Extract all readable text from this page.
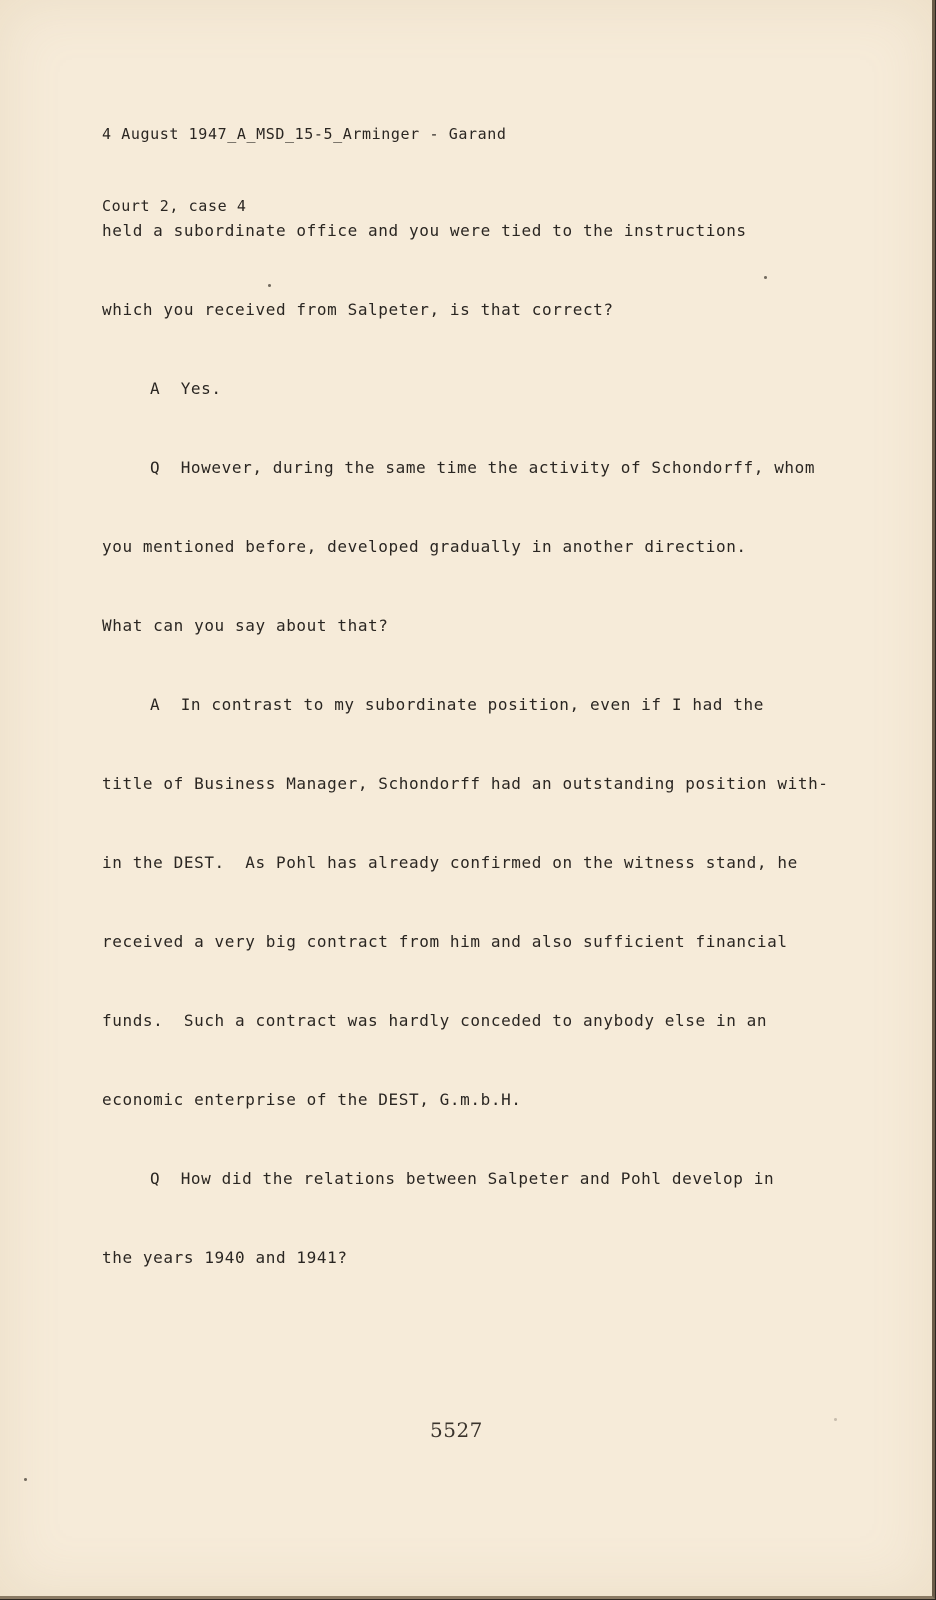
4 August 1947_A_MSD_15-5_Arminger - Garand

Court 2, case 4

held a subordinate office and you were tied to the instructions

which you received from Salpeter, is that correct?

A  Yes.

Q  However, during the same time the activity of Schondorff, whom

you mentioned before, developed gradually in another direction.

What can you say about that?

A  In contrast to my subordinate position, even if I had the

title of Business Manager, Schondorff had an outstanding position with-

in the DEST.  As Pohl has already confirmed on the witness stand, he

received a very big contract from him and also sufficient financial

funds.  Such a contract was hardly conceded to anybody else in an

economic enterprise of the DEST, G.m.b.H.

Q  How did the relations between Salpeter and Pohl develop in

the years 1940 and 1941?

5527
